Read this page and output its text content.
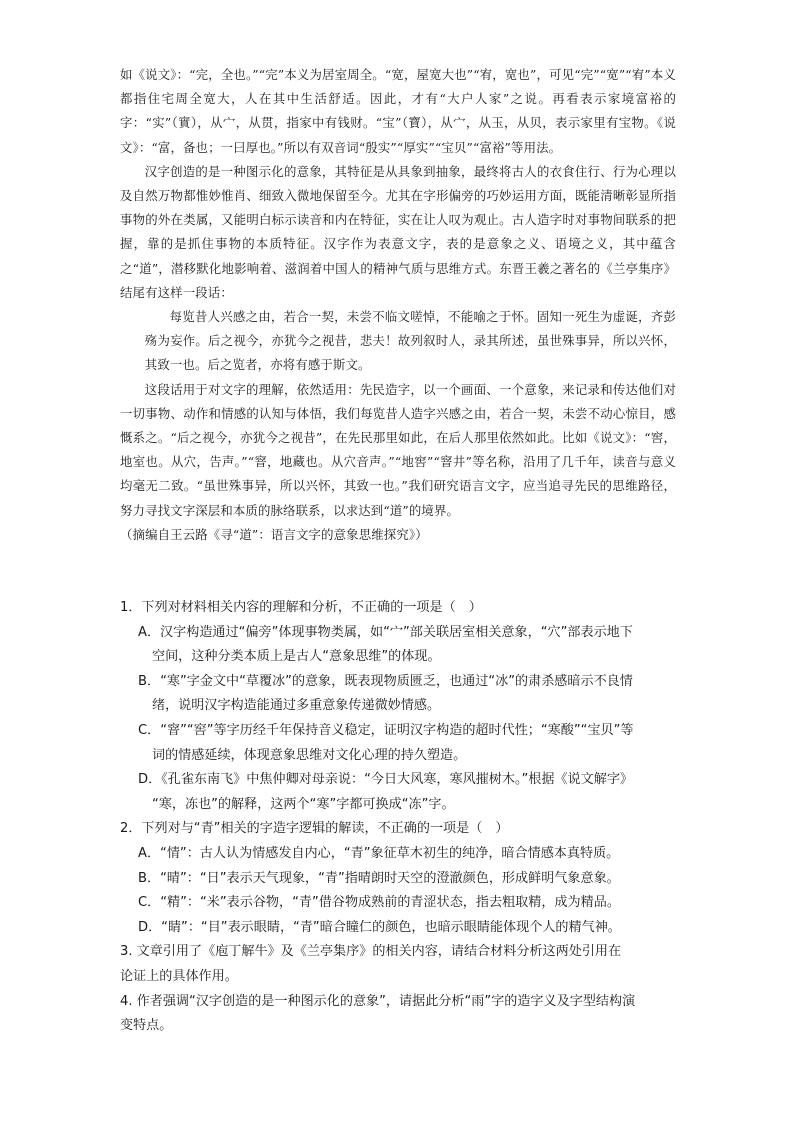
如《说文》：“完，全也。”“完”本义为居室周全。“宽，屋宽大也”“宥，宽也”，可见“完”“宽”“宥”本义都指住宅周全宽大，人在其中生活舒适。因此，才有“大户人家”之说。再看表示家境富裕的字：“实”（實），从宀，从贯，指家中有钱财。“宝”（寶），从宀，从玉，从贝，表示家里有宝物。《说文》：“富，备也；一曰厚也。”所以有双音词“殷实”“厚实”“宝贝”“富裕”等用法。

汉字创造的是一种图示化的意象，其特征是从具象到抽象，最终将古人的衣食住行、行为心理以及自然万物都惟妙惟肖、细致入微地保留至今。尤其在字形偏旁的巧妙运用方面，既能清晰彰显所指事物的外在类属，又能明白标示读音和内在特征，实在让人叹为观止。古人造字时对事物间联系的把握，靠的是抓住事物的本质特征。汉字作为表意文字，表的是意象之义、语境之义，其中蕴含之“道”，潜移默化地影响着、滋润着中国人的精神气质与思维方式。东晋王羲之著名的《兰亭集序》结尾有这样一段话：

每览昔人兴感之由，若合一契，未尝不临文嗟悼，不能喻之于怀。固知一死生为虚诞，齐彭殇为妄作。后之视今，亦犹今之视昔，悲夫！故列叙时人，录其所述，虽世殊事异，所以兴怀，其致一也。后之览者，亦将有感于斯文。

这段话用于对文字的理解，依然适用：先民造字，以一个画面、一个意象，来记录和传达他们对一切事物、动作和情感的认知与体悟，我们每览昔人造字兴感之由，若合一契，未尝不动心惊目，感慨系之。“后之视今，亦犹今之视昔”，在先民那里如此，在后人那里依然如此。比如《说文》：“窖，地室也。从穴，告声。”“窨，地藏也。从穴音声。”“地窖”“窨井”等名称，沿用了几千年，读音与意义均毫无二致。“虽世殊事异，所以兴怀，其致一也。”我们研究语言文字，应当追寻先民的思维路径，努力寻找文字深层和本质的脉络联系，以求达到“道”的境界。

（摘编自王云路《寻“道”：语言文字的意象思维探究》）

1．下列对材料相关内容的理解和分析，不正确的一项是（　）

A．汉字构造通过“偏旁”体现事物类属，如“宀”部关联居室相关意象，“穴”部表示地下
空间，这种分类本质上是古人“意象思维”的体现。

B．“寒”字金文中“草覆冰”的意象，既表现物质匮乏，也通过“冰”的肃杀感暗示不良情
绪，说明汉字构造能通过多重意象传递微妙情感。

C．“窨”“窖”等字历经千年保持音义稳定，证明汉字构造的超时代性；“寒酸”“宝贝”等
词的情感延续，体现意象思维对文化心理的持久塑造。

D．《孔雀东南飞》中焦仲卿对母亲说：“今日大风寒，寒风摧树木。”根据《说文解字》
“寒，冻也”的解释，这两个“寒”字都可换成“冻”字。

2．下列对与“青”相关的字造字逻辑的解读，不正确的一项是（　）

A．“情”：古人认为情感发自内心，“青”象征草木初生的纯净，暗合情感本真特质。

B．“晴”：“日”表示天气现象，“青”指晴朗时天空的澄澈颜色，形成鲜明气象意象。

C．“精”：“米”表示谷物，“青”借谷物成熟前的青涩状态，指去粗取精，成为精品。

D．“睛”：“目”表示眼睛，“青”暗合瞳仁的颜色，也暗示眼睛能体现个人的精气神。

3. 文章引用了《庖丁解牛》及《兰亭集序》的相关内容，请结合材料分析这两处引用在

论证上的具体作用。

4. 作者强调“汉字创造的是一种图示化的意象”，请据此分析“雨”字的造字义及字型结构演

变特点。
